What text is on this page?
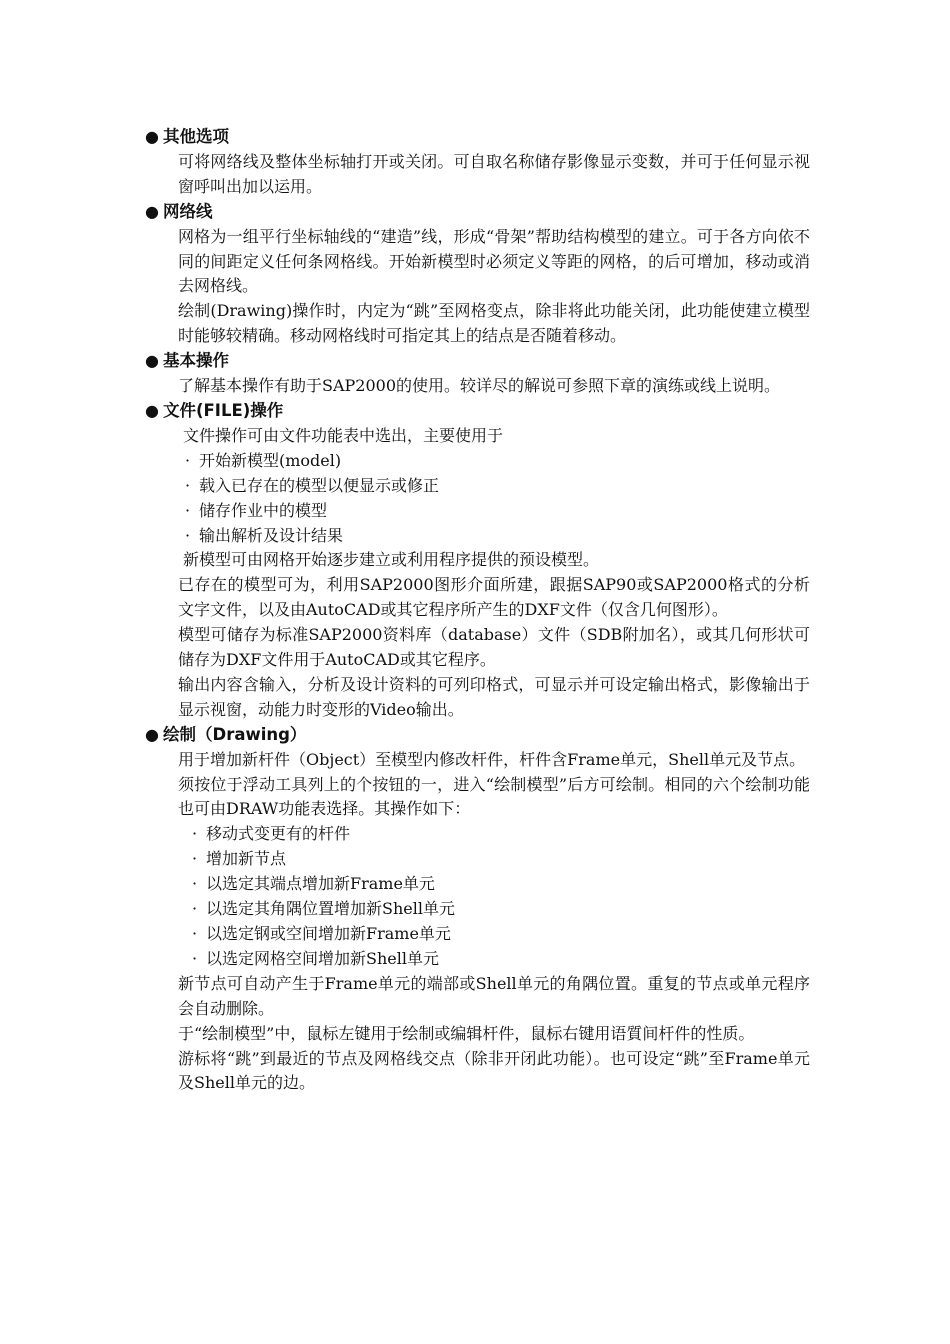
● 其他选项

可将网络线及整体坐标轴打开或关闭。可自取名称储存影像显示变数，并可于任何显示视窗呼叫出加以运用。

● 网络线

网格为一组平行坐标轴线的“建造”线，形成“骨架”帮助结构模型的建立。可于各方向依不同的间距定义任何条网格线。开始新模型时必须定义等距的网格，的后可增加，移动或消去网格线。

绘制(Drawing)操作时，内定为“跳”至网格变点，除非将此功能关闭，此功能使建立模型时能够较精确。移动网格线时可指定其上的结点是否随着移动。

● 基本操作

了解基本操作有助于SAP2000的使用。较详尽的解说可参照下章的演练或线上说明。

● 文件(FILE)操作

文件操作可由文件功能表中选出，主要使用于

· 开始新模型(model)
· 载入已存在的模型以便显示或修正
· 储存作业中的模型
· 输出解析及设计结果

新模型可由网格开始逐步建立或利用程序提供的预设模型。

已存在的模型可为，利用SAP2000图形介面所建，跟据SAP90或SAP2000格式的分析文字文件，以及由AutoCAD或其它程序所产生的DXF文件（仅含几何图形）。

模型可储存为标准SAP2000资料库（database）文件（SDB附加名），或其几何形状可储存为DXF文件用于AutoCAD或其它程序。

输出内容含输入，分析及设计资料的可列印格式，可显示并可设定输出格式，影像输出于显示视窗，动能力时变形的Video输出。

● 绘制（Drawing）

用于增加新杆件（Object）至模型内修改杆件，杆件含Frame单元，Shell单元及节点。

须按位于浮动工具列上的个按钮的一，进入“绘制模型”后方可绘制。相同的六个绘制功能也可由DRAW功能表选择。其操作如下：

· 移动式变更有的杆件
· 增加新节点
· 以选定其端点增加新Frame单元
· 以选定其角隅位置增加新Shell单元
· 以选定钢或空间增加新Frame单元
· 以选定网格空间增加新Shell单元

新节点可自动产生于Frame单元的端部或Shell单元的角隅位置。重复的节点或单元程序会自动删除。

于“绘制模型”中，鼠标左键用于绘制或编辑杆件，鼠标右键用语質间杆件的性质。

游标将“跳”到最近的节点及网格线交点（除非开闭此功能）。也可设定“跳”至Frame单元及Shell单元的边。
